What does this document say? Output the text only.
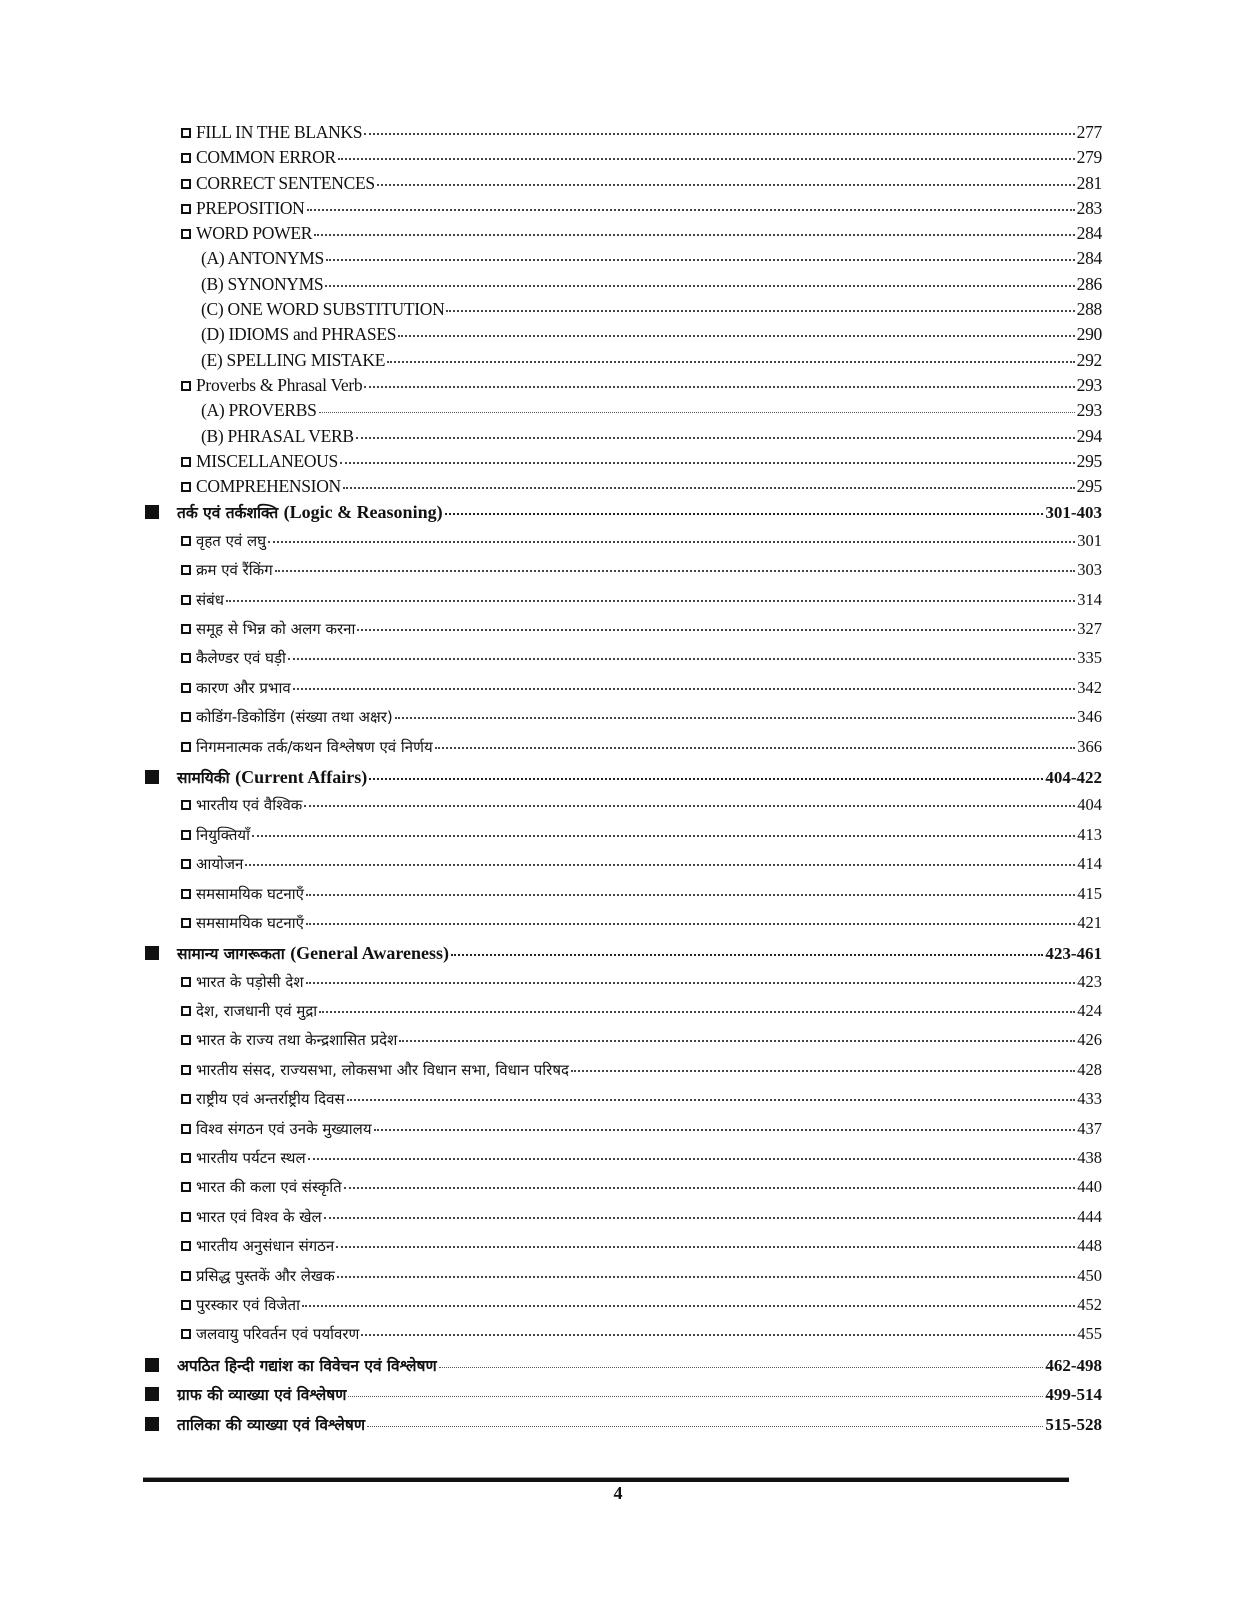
FILL IN THE BLANKS	277
COMMON ERROR	279
CORRECT SENTENCES	281
PREPOSITION	283
WORD POWER	284
(A) ANTONYMS	284
(B) SYNONYMS	286
(C) ONE WORD SUBSTITUTION	288
(D) IDIOMS and PHRASES	290
(E) SPELLING MISTAKE	292
Proverbs & Phrasal Verb	293
(A) PROVERBS	293
(B) PHRASAL VERB	294
MISCELLANEOUS	295
COMPREHENSION	295
तर्क एवं तर्कशक्ति (Logic & Reasoning)	301-403
वृहत एवं लघु	301
क्रम एवं रैंकिंग	303
संबंध	314
समूह से भिन्न को अलग करना	327
कैलेण्डर एवं घड़ी	335
कारण और प्रभाव	342
कोडिंग-डिकोडिंग (संख्या तथा अक्षर)	346
निगमनात्मक तर्क/कथन विश्लेषण एवं निर्णय	366
सामयिकी (Current Affairs)	404-422
भारतीय एवं वैश्विक	404
नियुक्तियाँ	413
आयोजन	414
समसामयिक घटनाएँ	415
समसामयिक घटनाएँ	421
सामान्य जागरूकता (General Awareness)	423-461
भारत के पड़ोसी देश	423
देश, राजधानी एवं मुद्रा	424
भारत के राज्य तथा केन्द्रशासित प्रदेश	426
भारतीय संसद, राज्यसभा, लोकसभा और विधान सभा, विधान परिषद	428
राष्ट्रीय एवं अन्तर्राष्ट्रीय दिवस	433
विश्व संगठन एवं उनके मुख्यालय	437
भारतीय पर्यटन स्थल	438
भारत की कला एवं संस्कृति	440
भारत एवं विश्व के खेल	444
भारतीय अनुसंधान संगठन	448
प्रसिद्ध पुस्तकें और लेखक	450
पुरस्कार एवं विजेता	452
जलवायु परिवर्तन एवं पर्यावरण	455
अपठित हिन्दी गद्यांश का विवेचन एवं विश्लेषण	462-498
ग्राफ की व्याख्या एवं विश्लेषण	499-514
तालिका की व्याख्या एवं विश्लेषण	515-528
4
